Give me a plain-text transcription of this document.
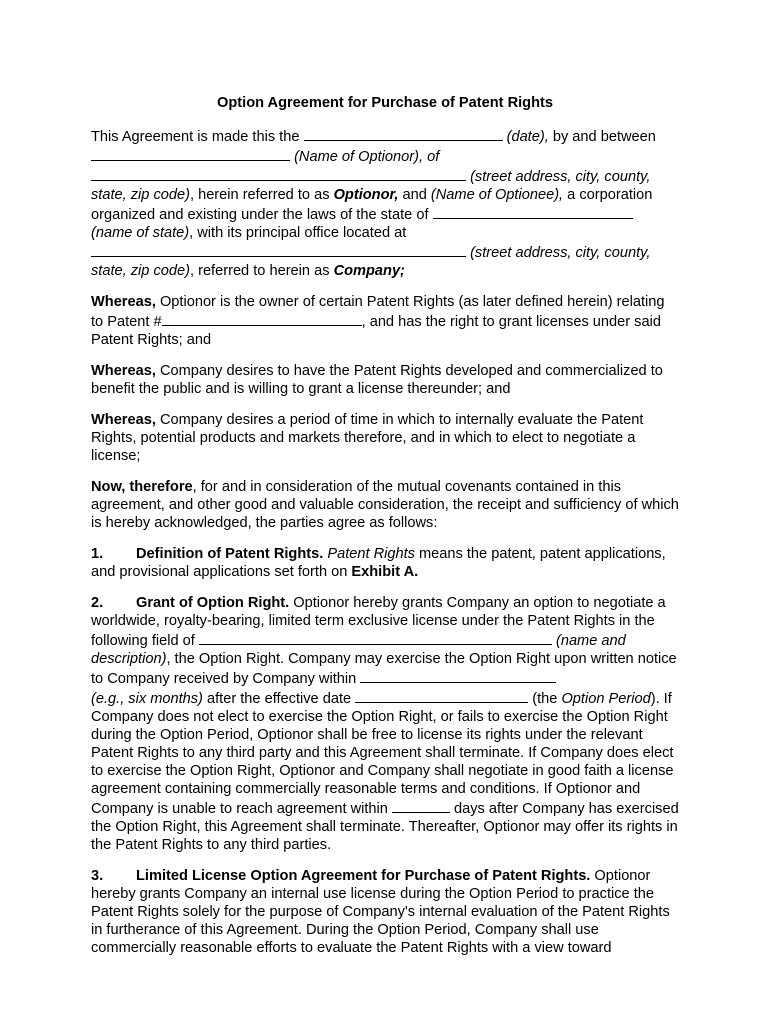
Option Agreement for Purchase of Patent Rights

This Agreement is made this the	(date), by and between
(Name of Optionor), of
(street address, city, county,
state, zip code), herein referred to as Optionor, and (Name of Optionee), a corporation organized and existing under the laws of the state of
(name of state), with its principal office located at
(street address, city, county,
state, zip code), referred to herein as Company;

Whereas, Optionor is the owner of certain Patent Rights (as later defined herein) relating to Patent #	, and has the right to grant licenses under said Patent Rights; and

Whereas, Company desires to have the Patent Rights developed and commercialized to benefit the public and is willing to grant a license thereunder; and

Whereas, Company desires a period of time in which to internally evaluate the Patent Rights, potential products and markets therefore, and in which to elect to negotiate a license;

Now, therefore, for and in consideration of the mutual covenants contained in this agreement, and other good and valuable consideration, the receipt and sufficiency of which is hereby acknowledged, the parties agree as follows:

1. Definition of Patent Rights. Patent Rights means the patent, patent applications, and provisional applications set forth on Exhibit A.

2. Grant of Option Right. Optionor hereby grants Company an option to negotiate a worldwide, royalty-bearing, limited term exclusive license under the Patent Rights in the following field of	(name and description), the Option Right. Company may exercise the Option Right upon written notice to Company received by Company within
(e.g., six months) after the effective date	(the Option Period). If Company does not elect to exercise the Option Right, or fails to exercise the Option Right during the Option Period, Optionor shall be free to license its rights under the relevant Patent Rights to any third party and this Agreement shall terminate. If Company does elect to exercise the Option Right, Optionor and Company shall negotiate in good faith a license agreement containing commercially reasonable terms and conditions. If Optionor and Company is unable to reach agreement within	days after Company has exercised the Option Right, this Agreement shall terminate. Thereafter, Optionor may offer its rights in the Patent Rights to any third parties.

3. Limited License Option Agreement for Purchase of Patent Rights. Optionor hereby grants Company an internal use license during the Option Period to practice the Patent Rights solely for the purpose of Company's internal evaluation of the Patent Rights in furtherance of this Agreement. During the Option Period, Company shall use commercially reasonable efforts to evaluate the Patent Rights with a view toward
